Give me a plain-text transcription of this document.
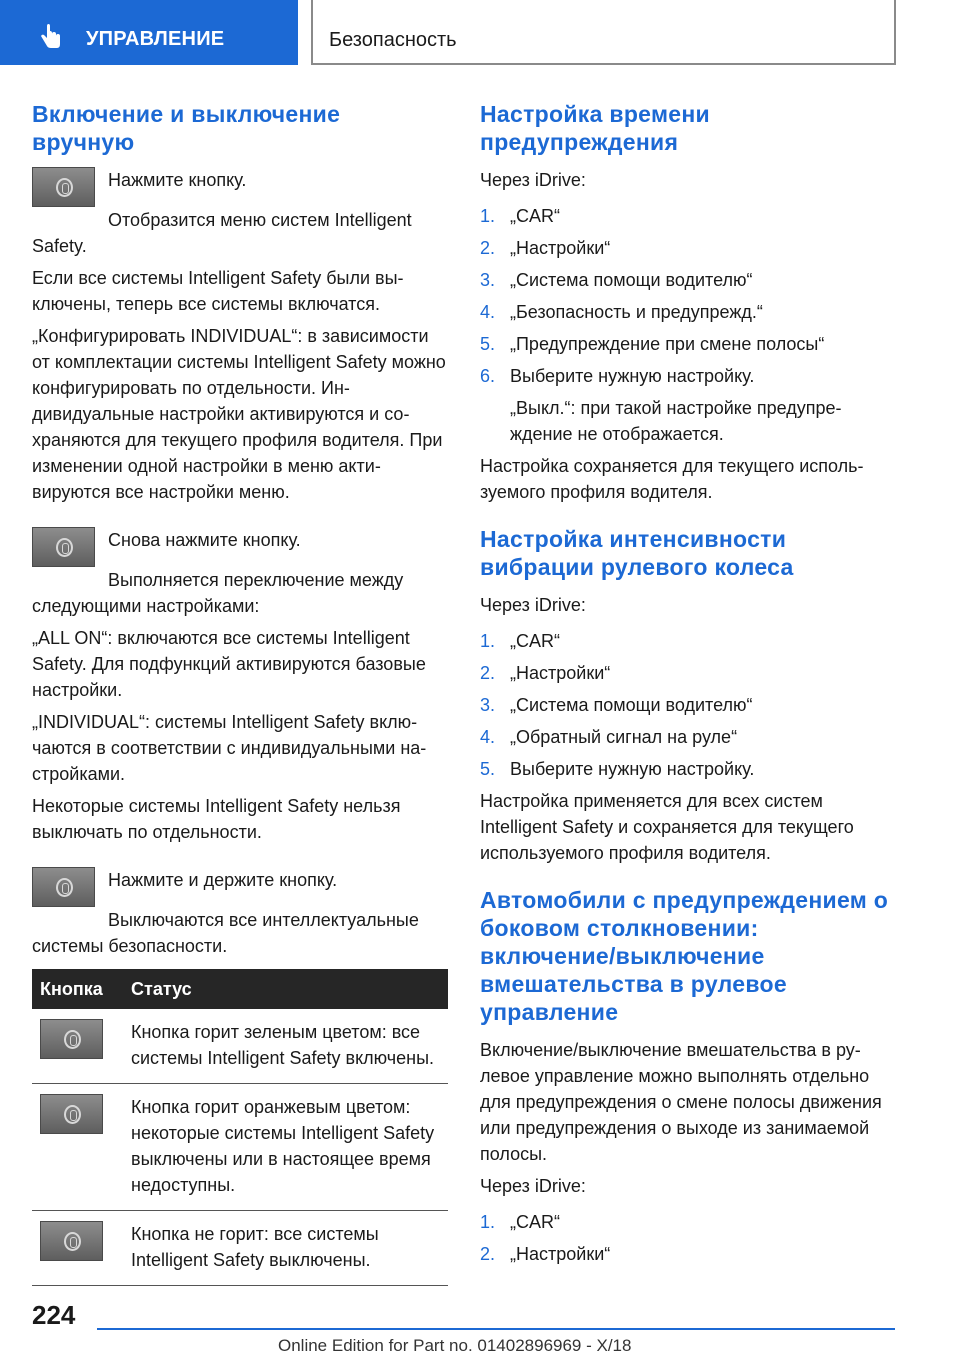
УПРАВЛЕНИЕ	Безопасность
Включение и выключение вручную

Нажмите кнопку.

Отобразится меню систем Intelligent Safety.

Если все системы Intelligent Safety были выключены, теперь все системы включатся.

„Конфигурировать INDIVIDUAL“: в зависимости от комплектации системы Intelligent Safety можно конфигурировать по отдельности. Индивидуальные настройки активируются и сохраняются для текущего профиля водителя. При изменении одной настройки в меню активируются все настройки меню.

Снова нажмите кнопку.

Выполняется переключение между следующими настройками:

„ALL ON“: включаются все системы Intelligent Safety. Для подфункций активируются базовые настройки.

„INDIVIDUAL“: системы Intelligent Safety включаются в соответствии с индивидуальными настройками.

Некоторые системы Intelligent Safety нельзя выключать по отдельности.

Нажмите и держите кнопку.

Выключаются все интеллектуальные системы безопасности.

Кнопка	Статус

	Кнопка горит зеленым цветом: все системы Intelligent Safety включены.

	Кнопка горит оранжевым цветом: некоторые системы Intelligent Safety выключены или в настоящее время недоступны.

	Кнопка не горит: все системы Intelligent Safety выключены.
Настройка времени предупреждения

Через iDrive:

1. „CAR“
2. „Настройки“
3. „Система помощи водителю“
4. „Безопасность и предупрежд.“
5. „Предупреждение при смене полосы“
6. Выберите нужную настройку.

„Выкл.“: при такой настройке предупреждение не отображается.

Настройка сохраняется для текущего используемого профиля водителя.

Настройка интенсивности вибрации рулевого колеса

Через iDrive:

1. „CAR“
2. „Настройки“
3. „Система помощи водителю“
4. „Обратный сигнал на руле“
5. Выберите нужную настройку.

Настройка применяется для всех систем Intelligent Safety и сохраняется для текущего используемого профиля водителя.

Автомобили с предупреждением о боковом столкновении: включение/выключение вмешательства в рулевое управление

Включение/выключение вмешательства в рулевое управление можно выполнять отдельно для предупреждения о смене полосы движения или предупреждения о выходе из занимаемой полосы.

Через iDrive:

1. „CAR“
2. „Настройки“
224
Online Edition for Part no. 01402896969 - X/18
